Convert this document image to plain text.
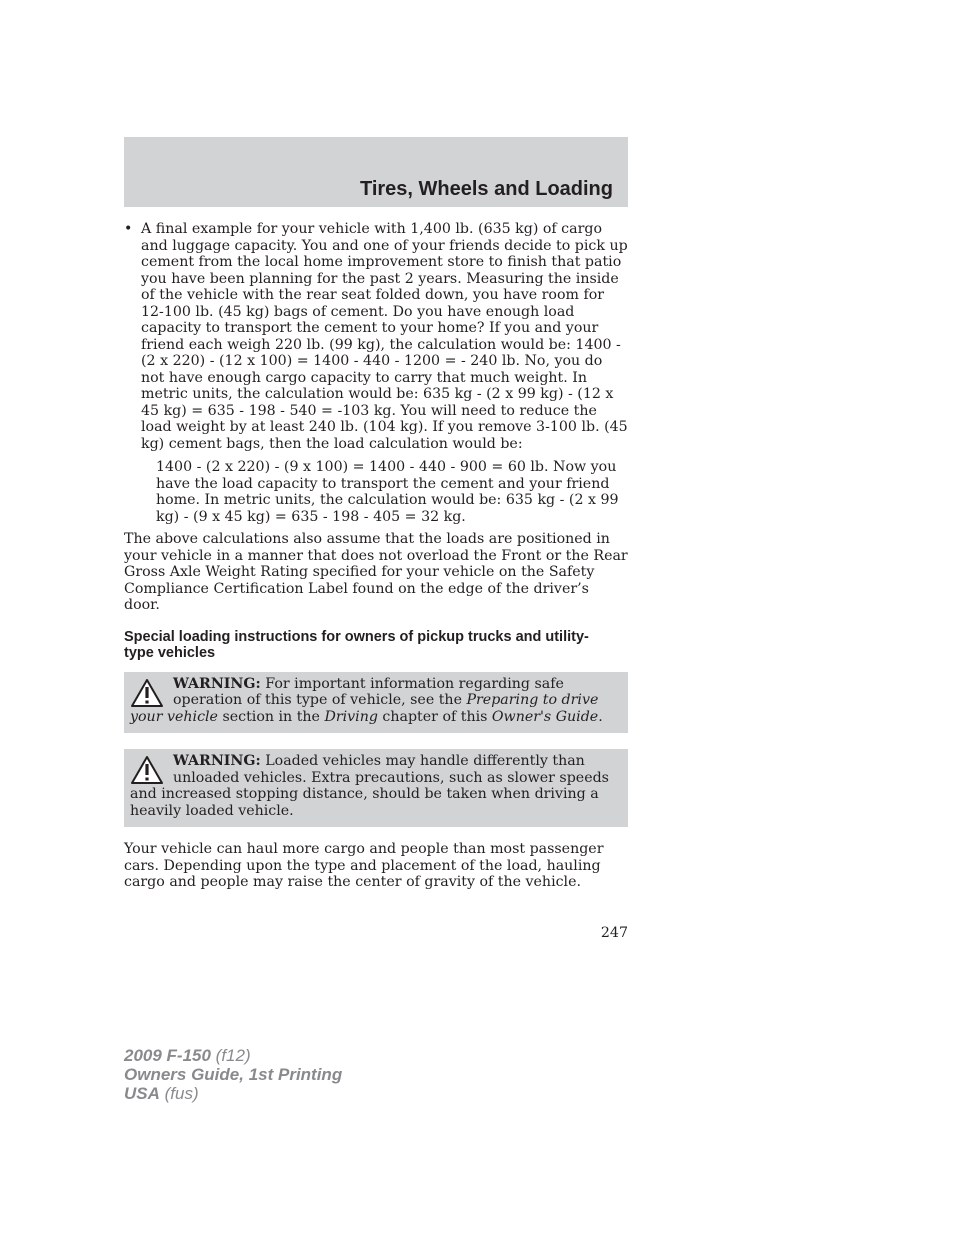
Tires, Wheels and Loading
• A final example for your vehicle with 1,400 lb. (635 kg) of cargo and luggage capacity. You and one of your friends decide to pick up cement from the local home improvement store to finish that patio you have been planning for the past 2 years. Measuring the inside of the vehicle with the rear seat folded down, you have room for 12-100 lb. (45 kg) bags of cement. Do you have enough load capacity to transport the cement to your home? If you and your friend each weigh 220 lb. (99 kg), the calculation would be: 1400 - (2 x 220) - (12 x 100) = 1400 - 440 - 1200 = - 240 lb. No, you do not have enough cargo capacity to carry that much weight. In metric units, the calculation would be: 635 kg - (2 x 99 kg) - (12 x 45 kg) = 635 - 198 - 540 = -103 kg. You will need to reduce the load weight by at least 240 lb. (104 kg). If you remove 3-100 lb. (45 kg) cement bags, then the load calculation would be:

1400 - (2 x 220) - (9 x 100) = 1400 - 440 - 900 = 60 lb. Now you have the load capacity to transport the cement and your friend home. In metric units, the calculation would be: 635 kg - (2 x 99 kg) - (9 x 45 kg) = 635 - 198 - 405 = 32 kg.

The above calculations also assume that the loads are positioned in your vehicle in a manner that does not overload the Front or the Rear Gross Axle Weight Rating specified for your vehicle on the Safety Compliance Certification Label found on the edge of the driver’s door.

Special loading instructions for owners of pickup trucks and utility-type vehicles

WARNING: For important information regarding safe operation of this type of vehicle, see the Preparing to drive your vehicle section in the Driving chapter of this Owner's Guide.

WARNING: Loaded vehicles may handle differently than unloaded vehicles. Extra precautions, such as slower speeds and increased stopping distance, should be taken when driving a heavily loaded vehicle.

Your vehicle can haul more cargo and people than most passenger cars. Depending upon the type and placement of the load, hauling cargo and people may raise the center of gravity of the vehicle.

247
2009 F-150 (f12)
Owners Guide, 1st Printing
USA (fus)
